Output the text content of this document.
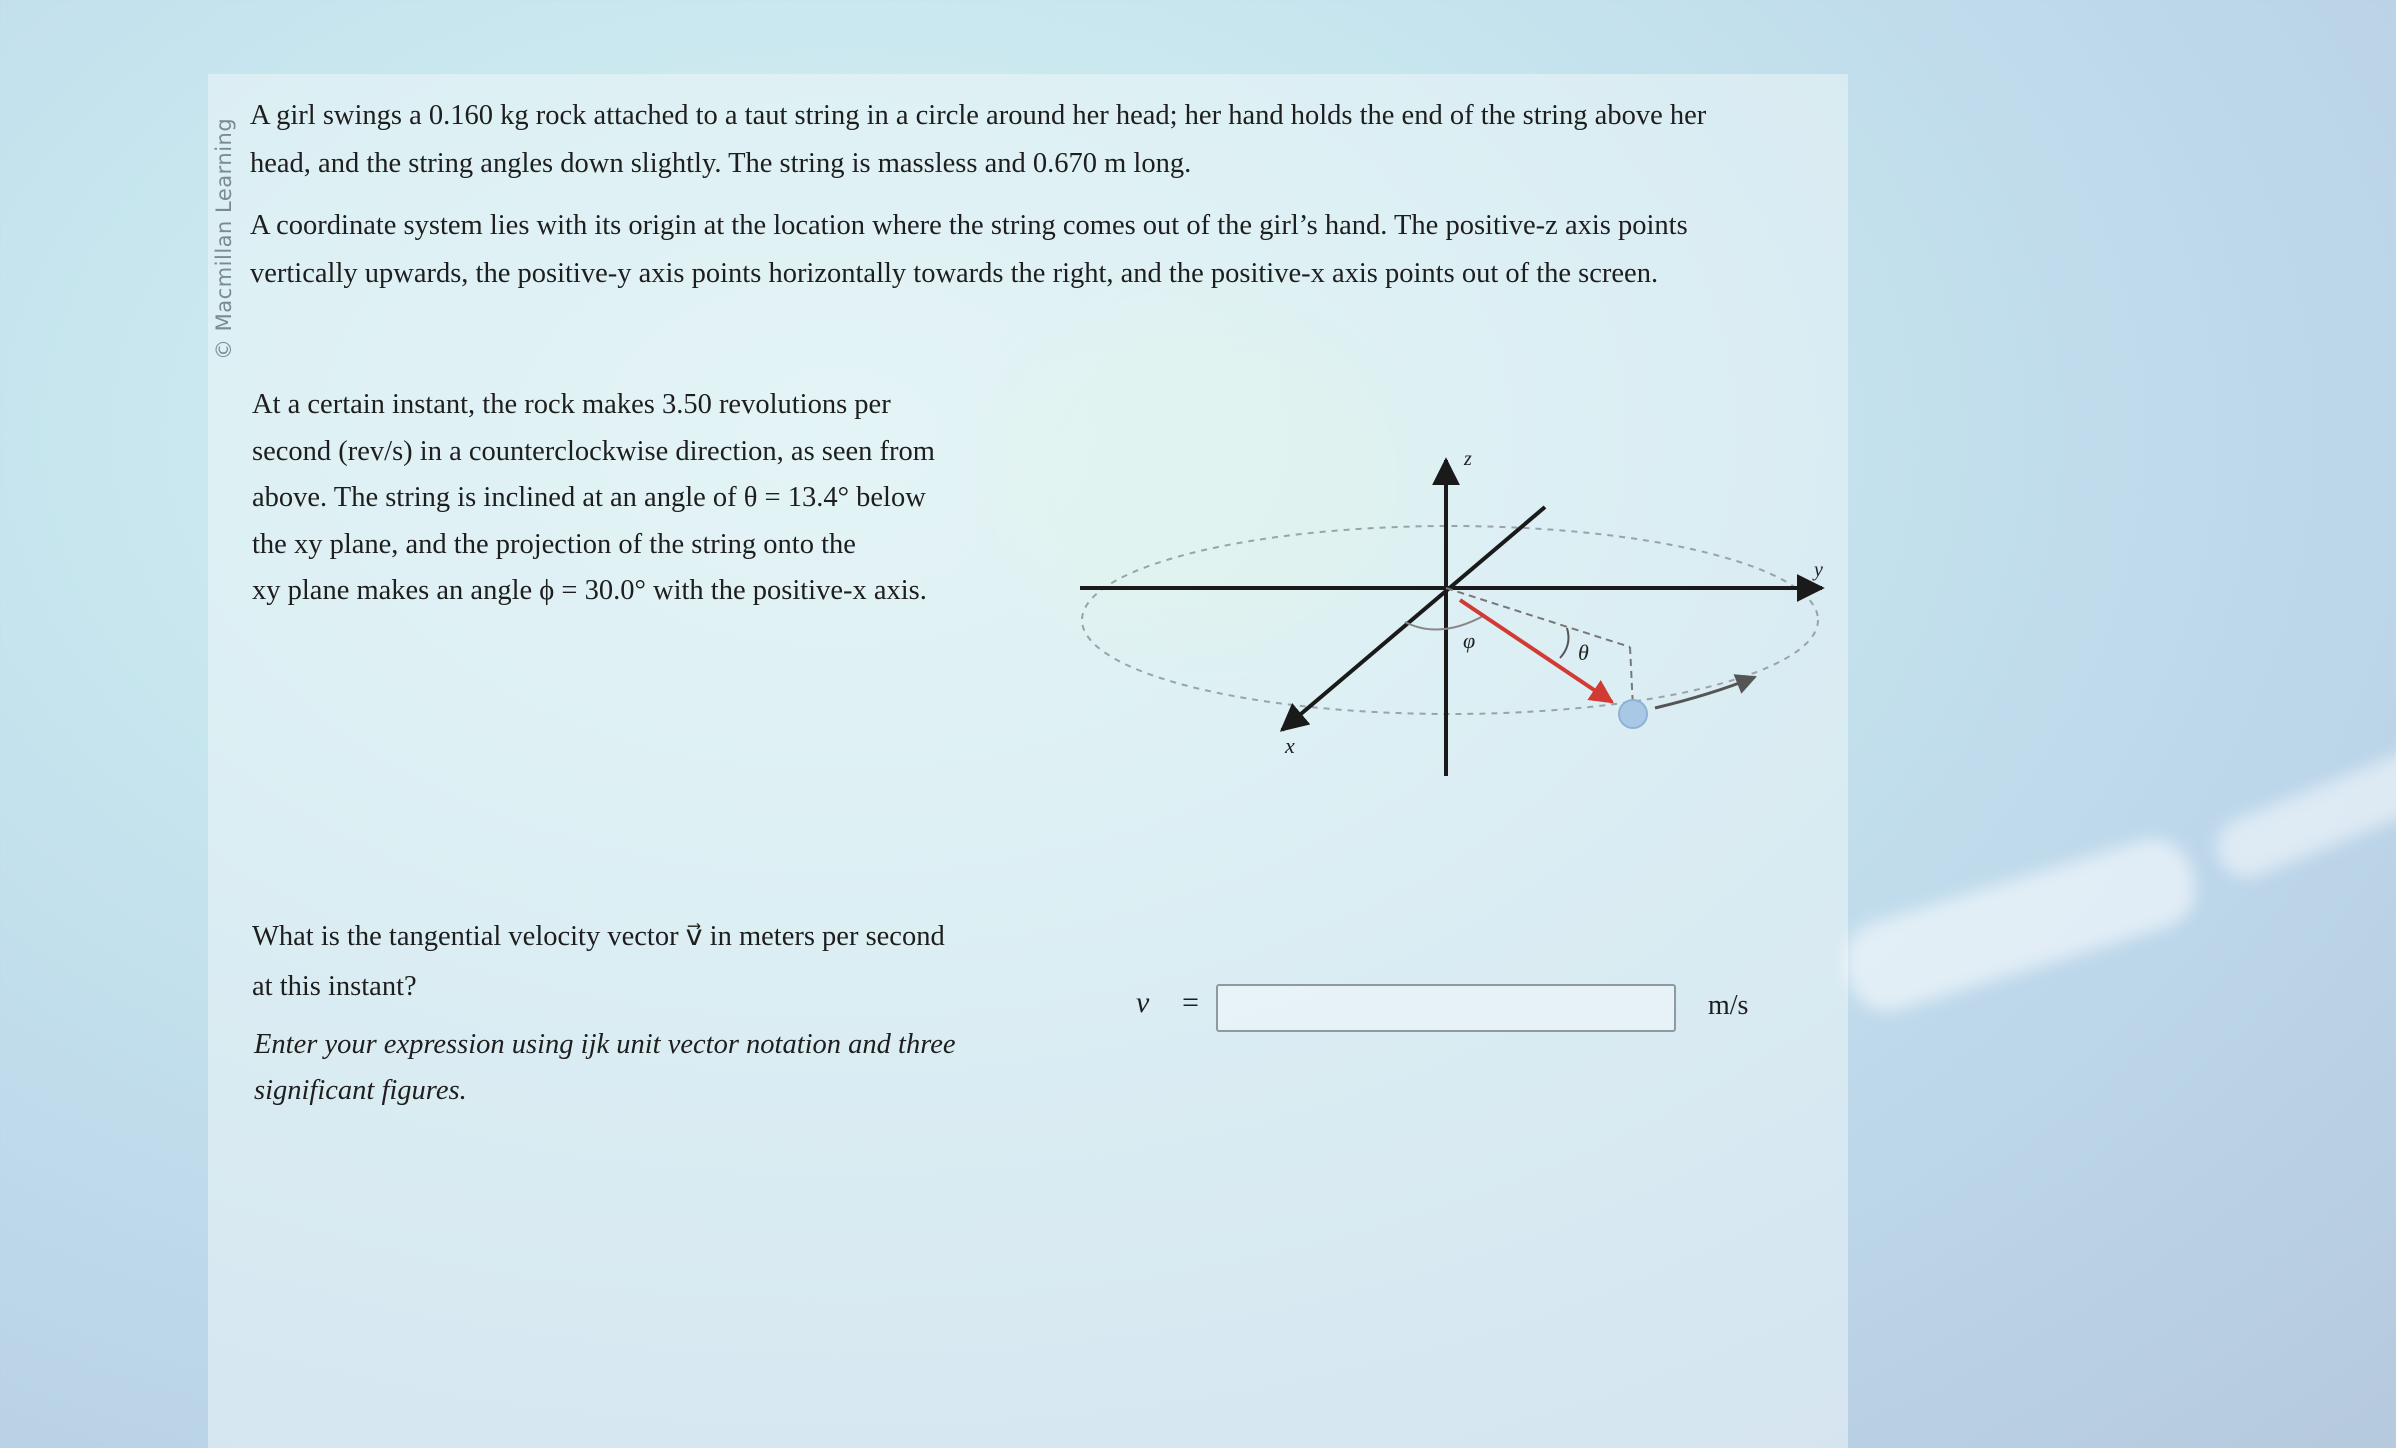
© Macmillan Learning
A girl swings a 0.160 kg rock attached to a taut string in a circle around her head; her hand holds the end of the string above her
head, and the string angles down slightly. The string is massless and 0.670 m long.
A coordinate system lies with its origin at the location where the string comes out of the girl’s hand. The positive-z axis points
vertically upwards, the positive-y axis points horizontally towards the right, and the positive-x axis points out of the screen.
At a certain instant, the rock makes 3.50 revolutions per
second (rev/s) in a counterclockwise direction, as seen from
above. The string is inclined at an angle of θ = 13.4° below
the xy plane, and the projection of the string onto the
xy plane makes an angle ϕ = 30.0° with the positive-x axis.
z
y
x
φ	θ
What is the tangential velocity vector v⃗ in meters per second
at this instant?
Enter your expression using ijk unit vector notation and three
significant figures.
v⃗ =	m/s
